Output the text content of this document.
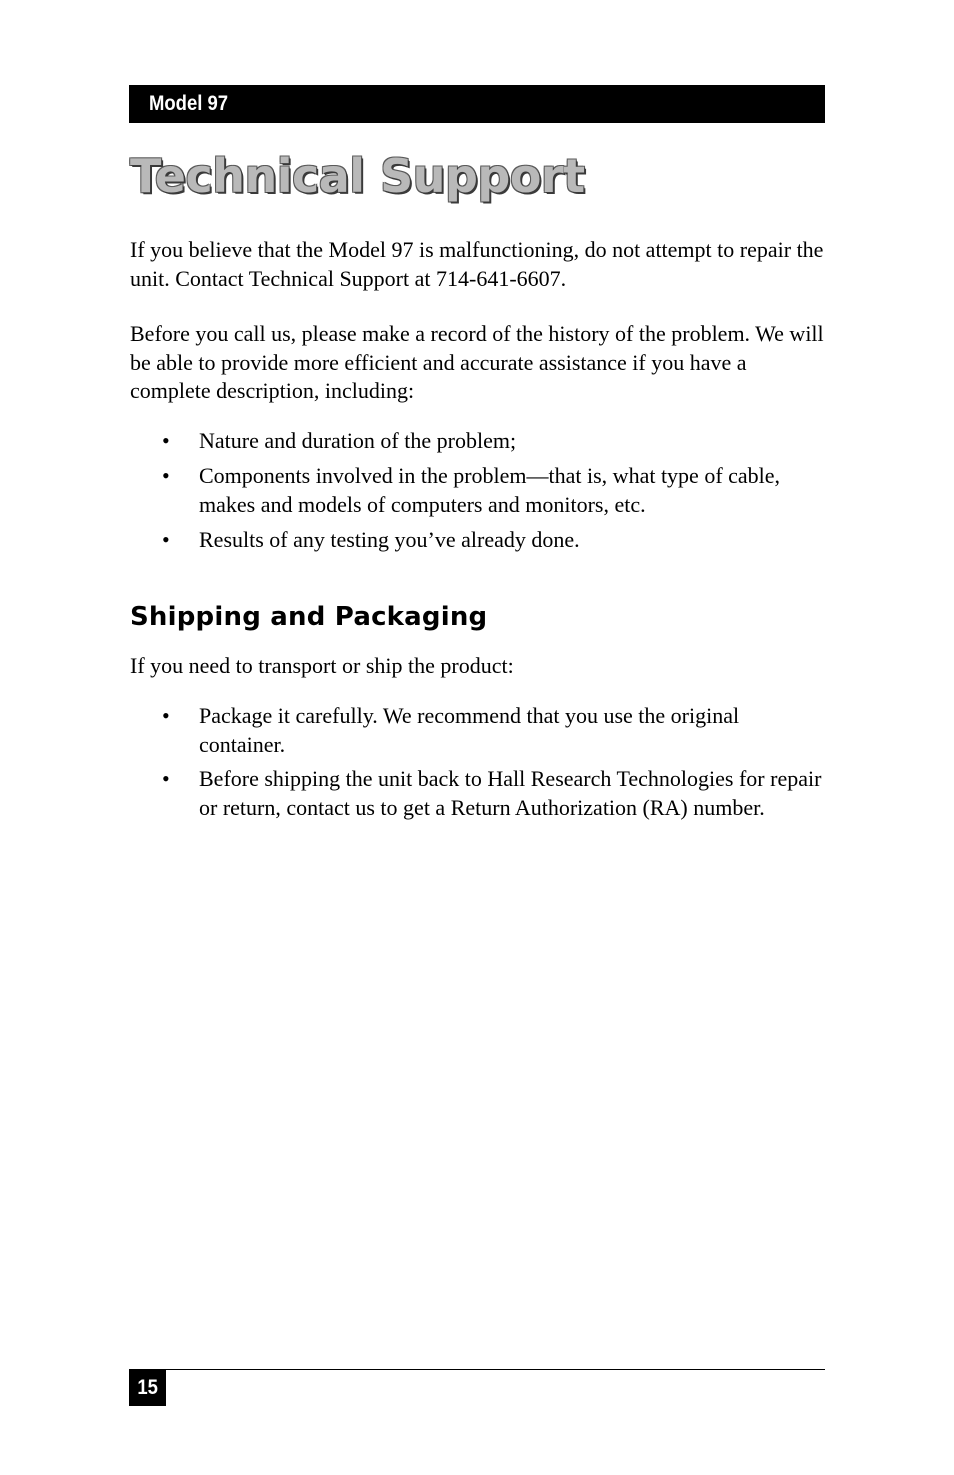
Model 97
Technical Support

If you believe that the Model 97 is malfunctioning, do not attempt to repair the unit. Contact Technical Support at 714-641-6607.

Before you call us, please make a record of the history of the problem. We will be able to provide more efficient and accurate assistance if you have a complete description, including:

• Nature and duration of the problem;

• Components involved in the problem—that is, what type of cable, makes and models of computers and monitors, etc.

• Results of any testing you’ve already done.

Shipping and Packaging

If you need to transport or ship the product:

• Package it carefully. We recommend that you use the original container.

• Before shipping the unit back to Hall Research Technologies for repair or return, contact us to get a Return Authorization (RA) number.

15
